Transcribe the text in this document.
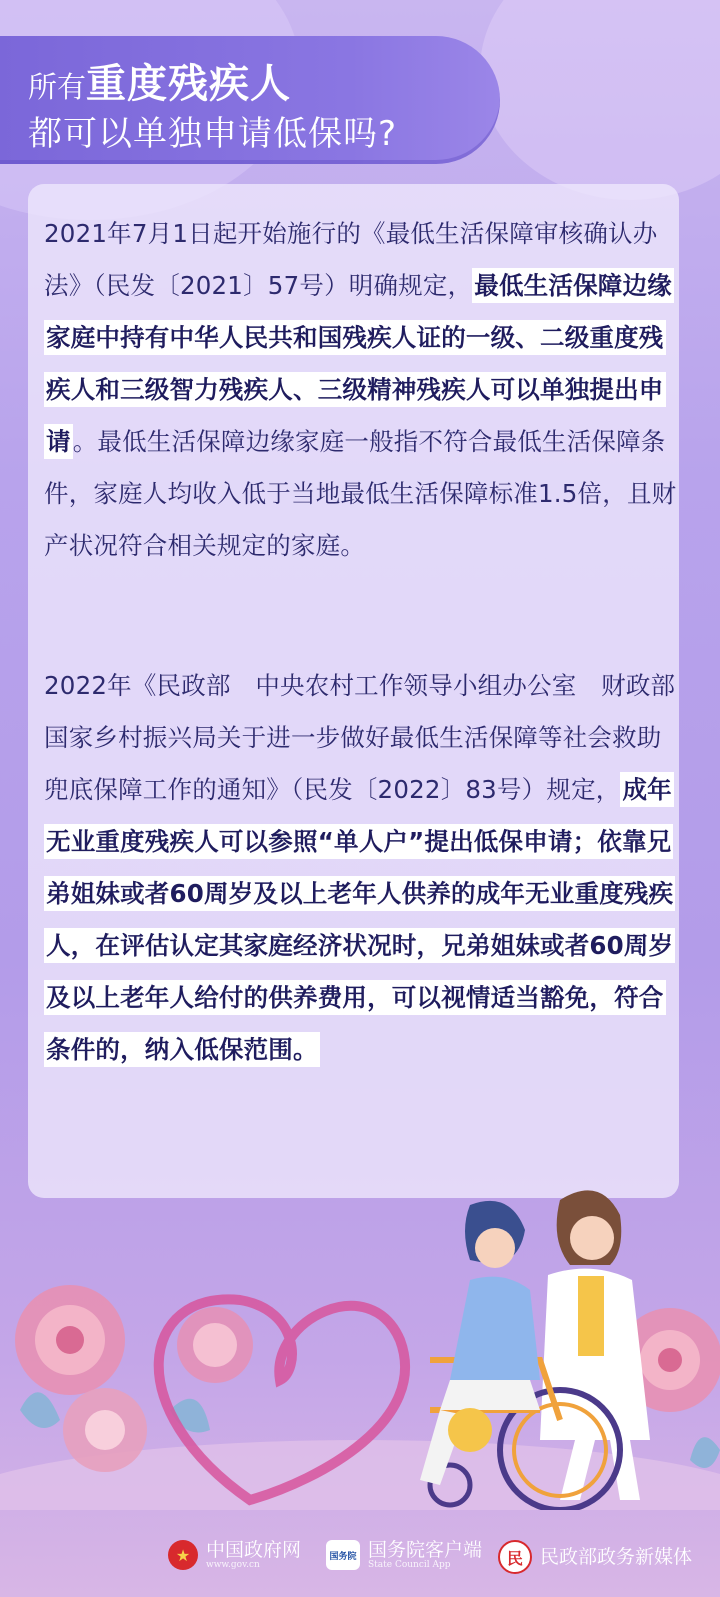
所有重度残疾人
都可以单独申请低保吗?
2021年7月1日起开始施行的《最低生活保障审核确认办法》（民发〔2021〕57号）明确规定，最低生活保障边缘家庭中持有中华人民共和国残疾人证的一级、二级重度残疾人和三级智力残疾人、三级精神残疾人可以单独提出申请。最低生活保障边缘家庭一般指不符合最低生活保障条件，家庭人均收入低于当地最低生活保障标准1.5倍，且财产状况符合相关规定的家庭。
2022年《民政部　中央农村工作领导小组办公室　财政部　国家乡村振兴局关于进一步做好最低生活保障等社会救助兜底保障工作的通知》（民发〔2022〕83号）规定，成年无业重度残疾人可以参照“单人户”提出低保申请；依靠兄弟姐妹或者60周岁及以上老年人供养的成年无业重度残疾人，在评估认定其家庭经济状况时，兄弟姐妹或者60周岁及以上老年人给付的供养费用，可以视情适当豁免，符合条件的，纳入低保范围。
★ 中国政府网
www.gov.cn
国务院 国务院客户端
State Council App	民 民政部政务新媒体
